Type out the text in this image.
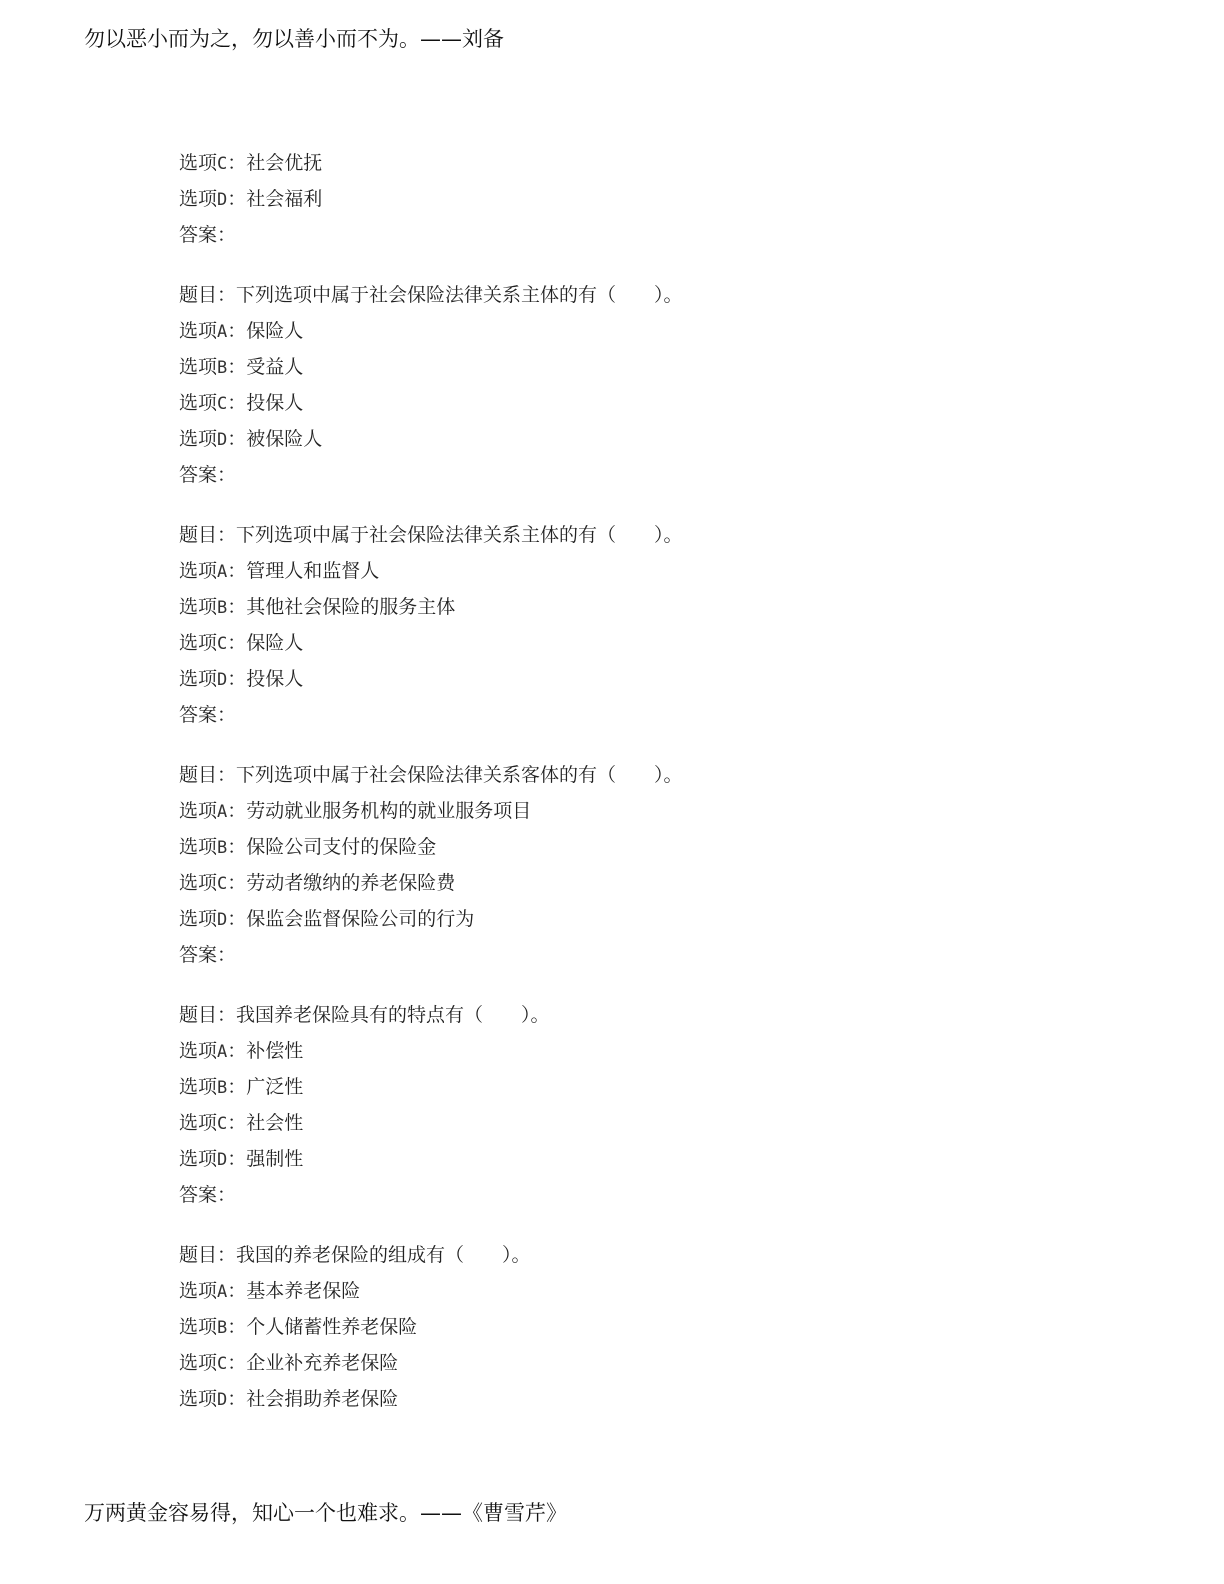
勿以恶小而为之，勿以善小而不为。——刘备
选项C：社会优抚
选项D：社会福利
答案：
题目：下列选项中属于社会保险法律关系主体的有（　　）。
选项A：保险人
选项B：受益人
选项C：投保人
选项D：被保险人
答案：
题目：下列选项中属于社会保险法律关系主体的有（　　）。
选项A：管理人和监督人
选项B：其他社会保险的服务主体
选项C：保险人
选项D：投保人
答案：
题目：下列选项中属于社会保险法律关系客体的有（　　）。
选项A：劳动就业服务机构的就业服务项目
选项B：保险公司支付的保险金
选项C：劳动者缴纳的养老保险费
选项D：保监会监督保险公司的行为
答案：
题目：我国养老保险具有的特点有（　　）。
选项A：补偿性
选项B：广泛性
选项C：社会性
选项D：强制性
答案：
题目：我国的养老保险的组成有（　　）。
选项A：基本养老保险
选项B：个人储蓄性养老保险
选项C：企业补充养老保险
选项D：社会捐助养老保险
万两黄金容易得，知心一个也难求。——《曹雪芹》
